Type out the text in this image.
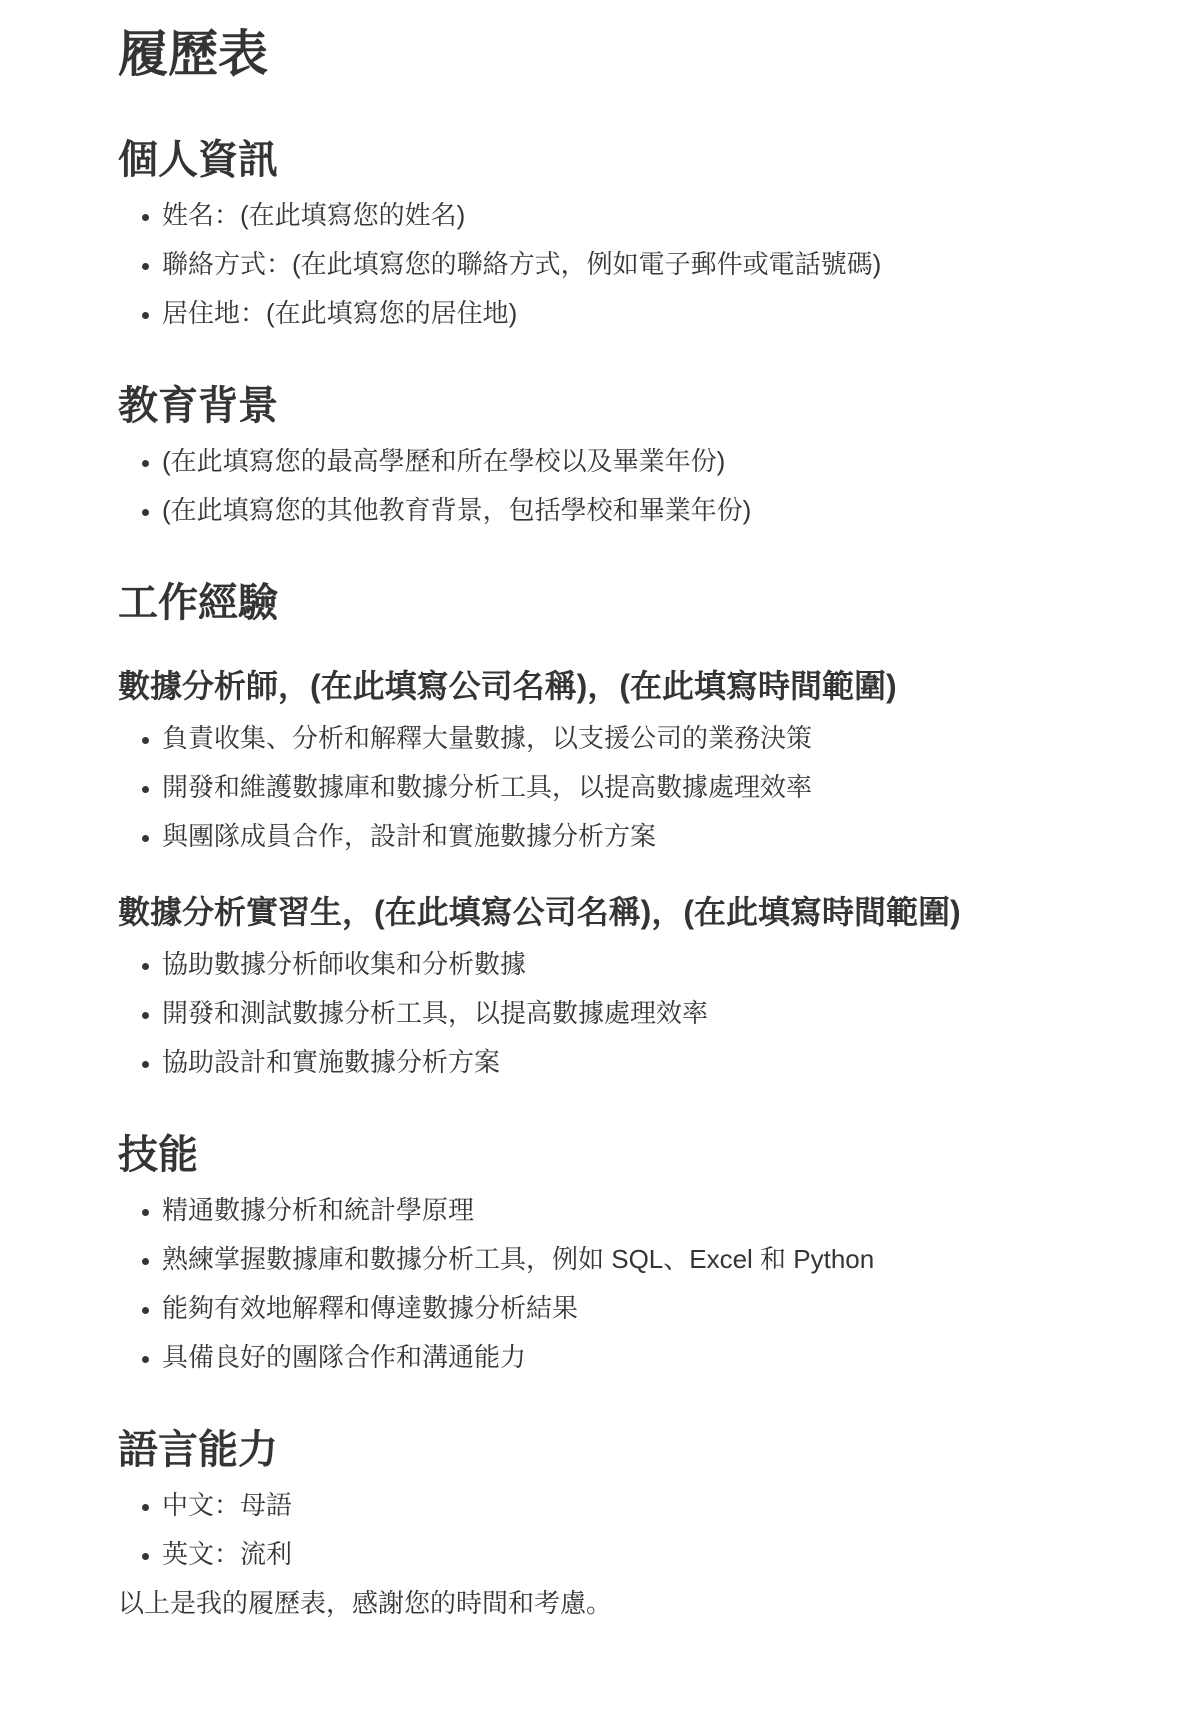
履歷表
個人資訊
• 姓名：(在此填寫您的姓名)
• 聯絡方式：(在此填寫您的聯絡方式，例如電子郵件或電話號碼)
• 居住地：(在此填寫您的居住地)
教育背景
• (在此填寫您的最高學歷和所在學校以及畢業年份)
• (在此填寫您的其他教育背景，包括學校和畢業年份)
工作經驗
數據分析師，(在此填寫公司名稱)，(在此填寫時間範圍)
• 負責收集、分析和解釋大量數據，以支援公司的業務決策
• 開發和維護數據庫和數據分析工具，以提高數據處理效率
• 與團隊成員合作，設計和實施數據分析方案
數據分析實習生，(在此填寫公司名稱)，(在此填寫時間範圍)
• 協助數據分析師收集和分析數據
• 開發和測試數據分析工具，以提高數據處理效率
• 協助設計和實施數據分析方案
技能
• 精通數據分析和統計學原理
• 熟練掌握數據庫和數據分析工具，例如 SQL、Excel 和 Python
• 能夠有效地解釋和傳達數據分析結果
• 具備良好的團隊合作和溝通能力
語言能力
• 中文：母語
• 英文：流利

以上是我的履歷表，感謝您的時間和考慮。
